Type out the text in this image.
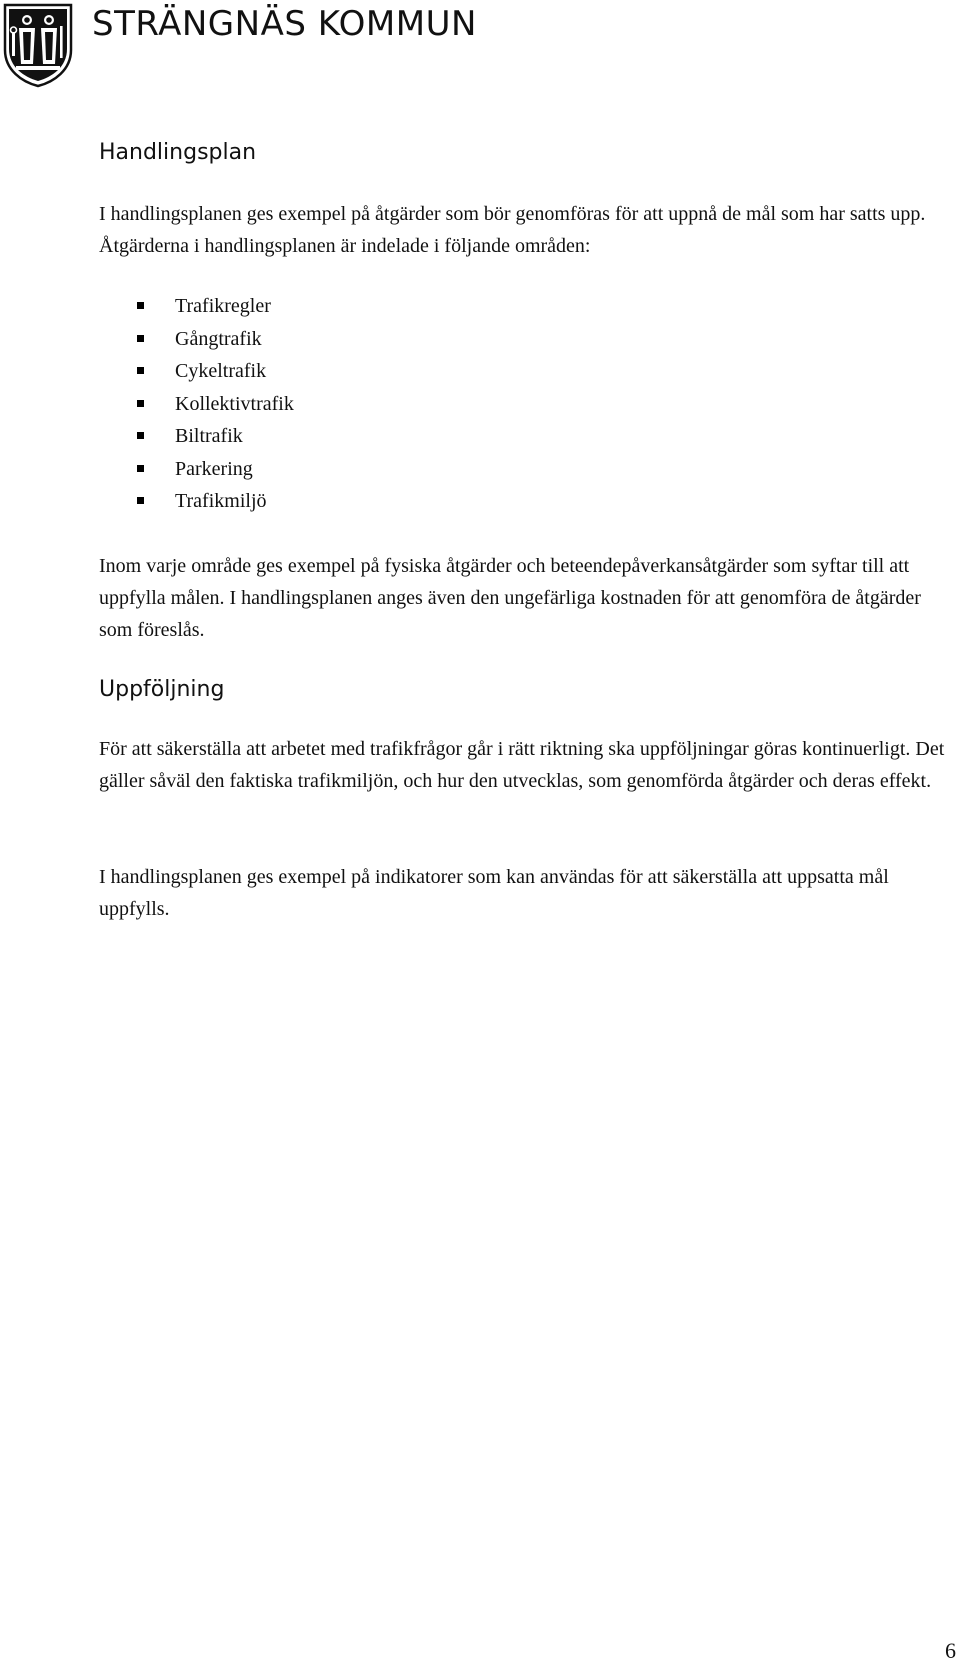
STRÄNGNÄS KOMMUN
Handlingsplan

I handlingsplanen ges exempel på åtgärder som bör genomföras för att uppnå de mål som har satts upp. Åtgärderna i handlingsplanen är indelade i följande områden:

Trafikregler
Gångtrafik
Cykeltrafik
Kollektivtrafik
Biltrafik
Parkering
Trafikmiljö

Inom varje område ges exempel på fysiska åtgärder och beteendepåverkansåtgärder som syftar till att uppfylla målen. I handlingsplanen anges även den ungefärliga kostnaden för att genomföra de åtgärder som föreslås.

Uppföljning

För att säkerställa att arbetet med trafikfrågor går i rätt riktning ska uppföljningar göras kontinuerligt. Det gäller såväl den faktiska trafikmiljön, och hur den utvecklas, som genomförda åtgärder och deras effekt.

I handlingsplanen ges exempel på indikatorer som kan användas för att säkerställa att uppsatta mål uppfylls.

6
